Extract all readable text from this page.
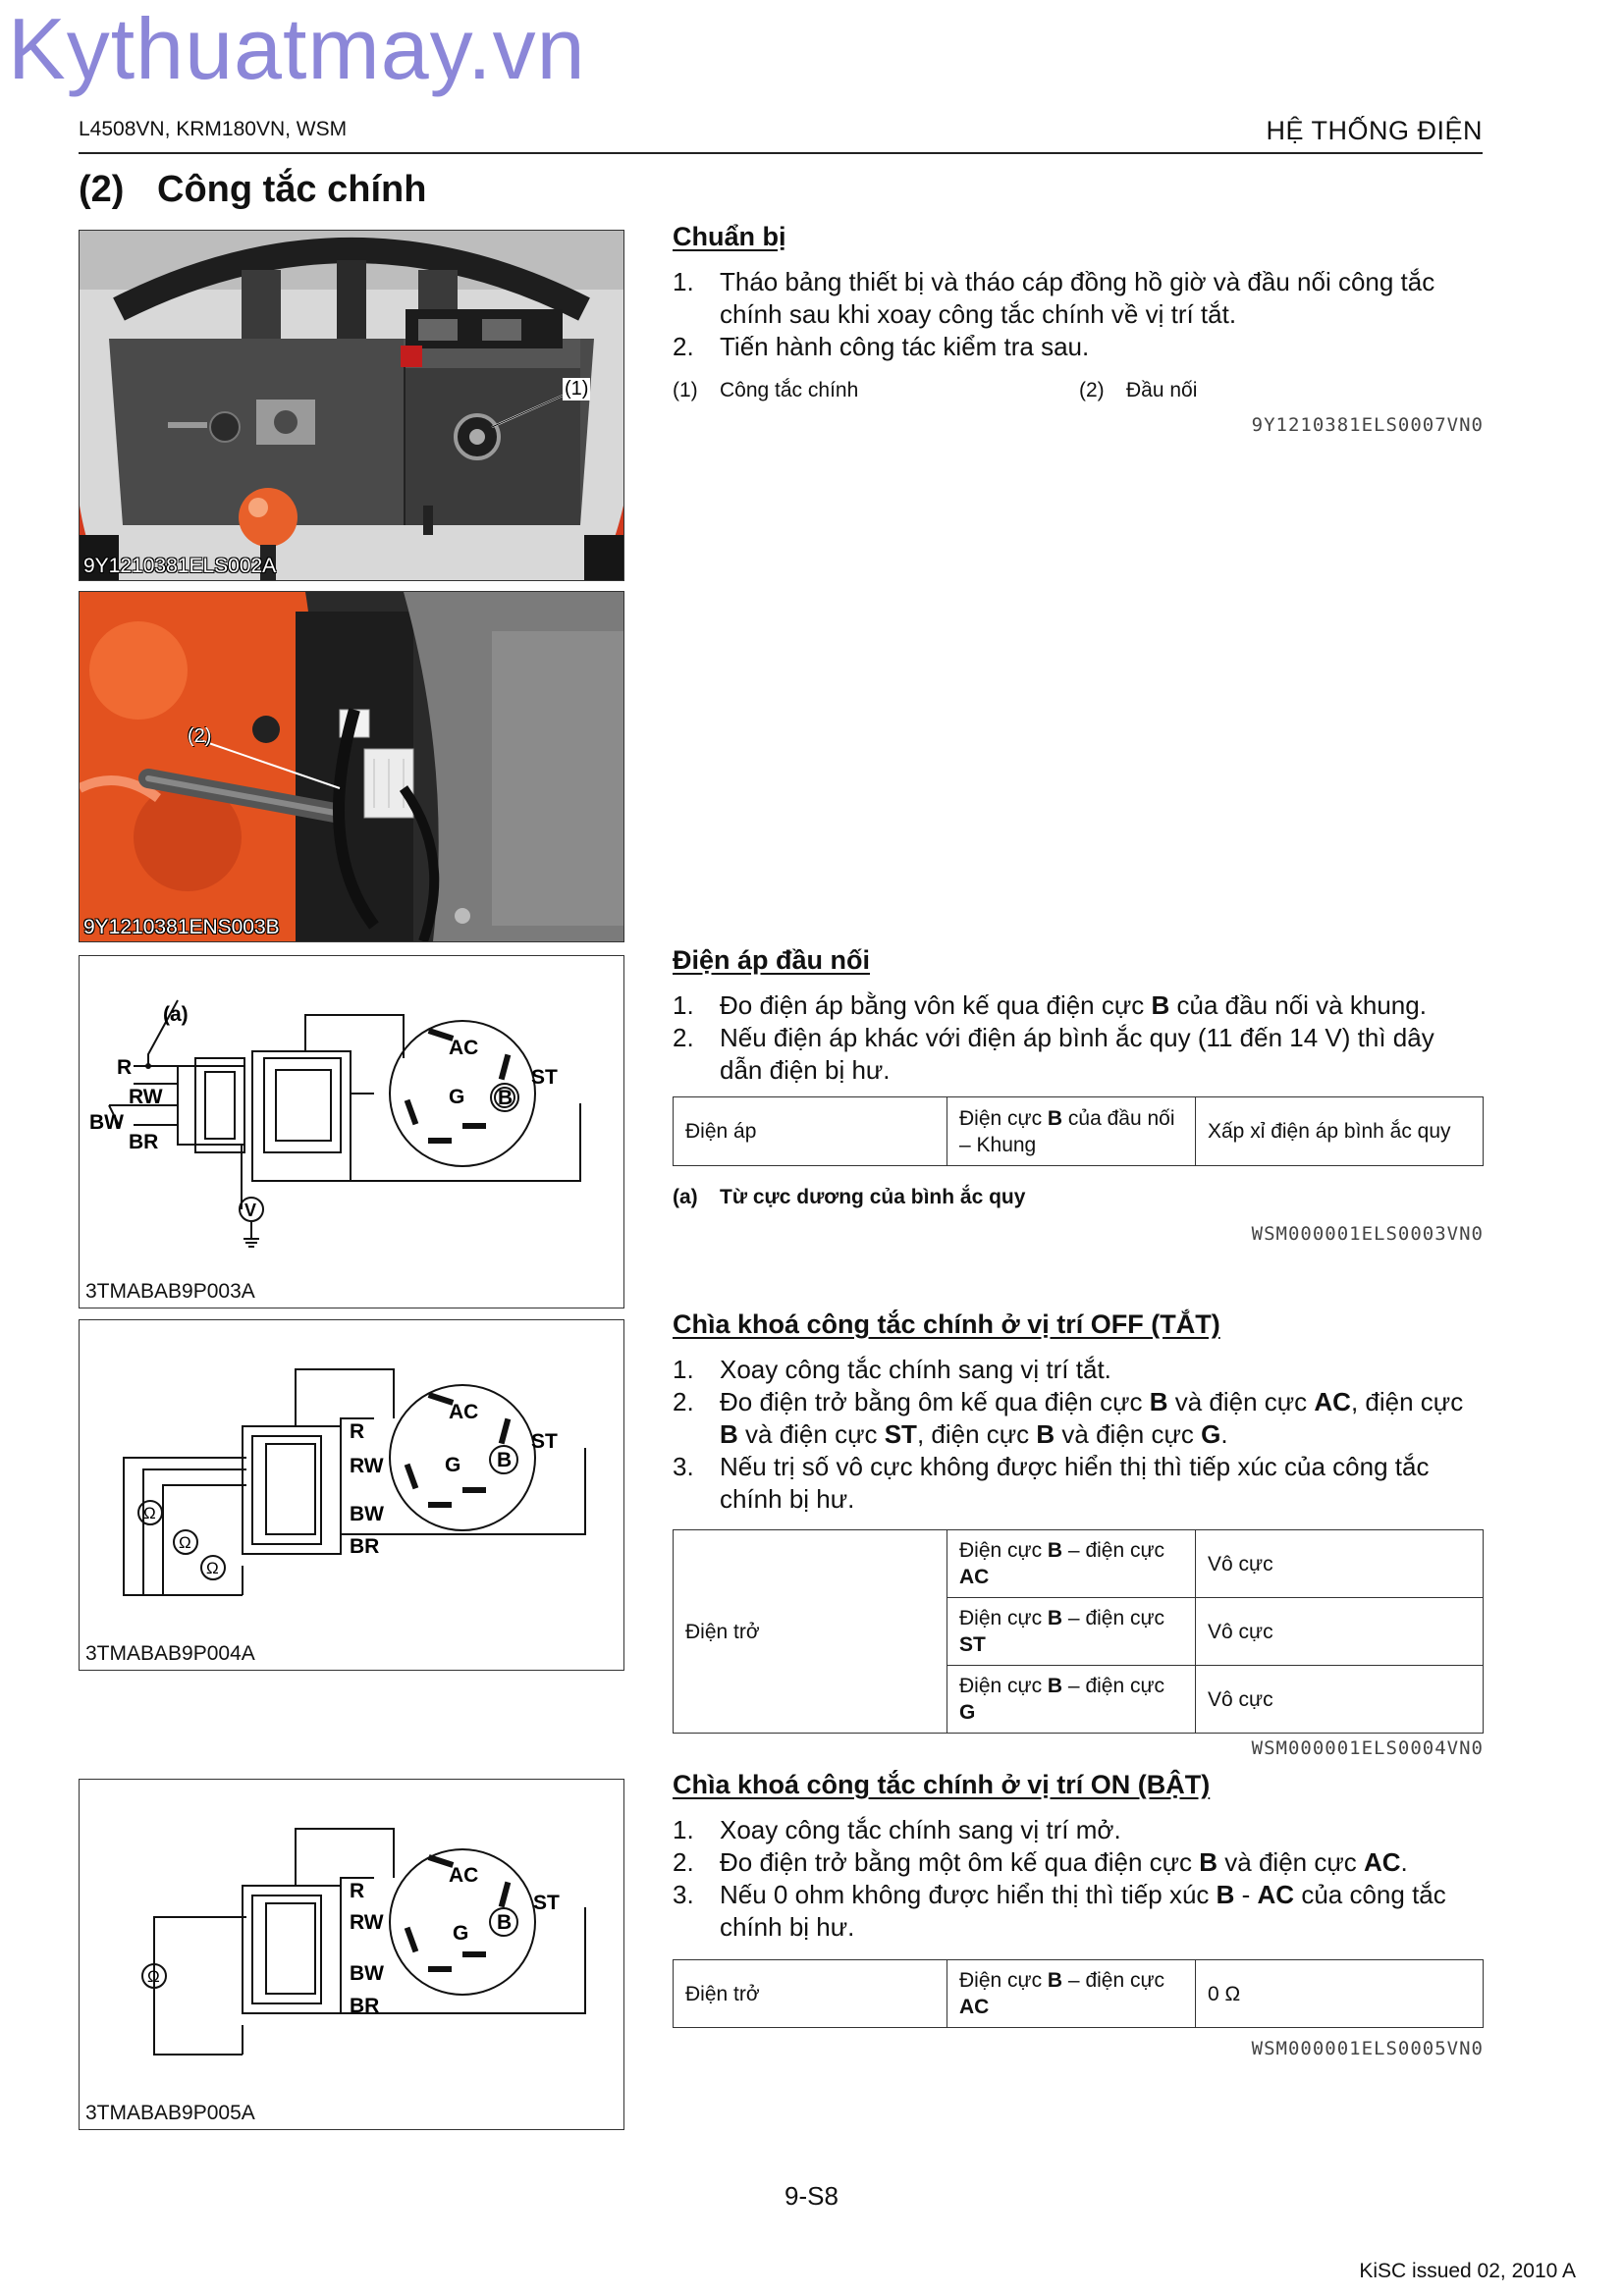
Kythuatmay.vn
L4508VN, KRM180VN, WSM	HỆ THỐNG ĐIỆN
(2) Công tắc chính
(1)
9Y1210381ELS002A
(2)
9Y1210381ENS003B
(a)
R
RW
BW
BR
AC
ST
G B
V
3TMABAB9P003A
R
RW
BW
BR
AC
ST
G B
Ω
Ω
Ω
3TMABAB9P004A
R
RW
BW
BR
AC
ST
G B
Ω
3TMABAB9P005A
Chuẩn bị
1. Tháo bảng thiết bị và tháo cáp đồng hồ giờ và đầu nối công tắc chính sau khi xoay công tắc chính về vị trí tắt.
2. Tiến hành công tác kiểm tra sau.
(1) Công tắc chính	(2) Đầu nối
9Y1210381ELS0007VN0
Điện áp đầu nối
1. Đo điện áp bằng vôn kế qua điện cực B của đầu nối và khung.
2. Nếu điện áp khác với điện áp bình ắc quy (11 đến 14 V) thì dây dẫn điện bị hư.
Điện áp	Điện cực B của đầu nối – Khung	Xấp xỉ điện áp bình ắc quy
(a) Từ cực dương của bình ắc quy
WSM000001ELS0003VN0
Chìa khoá công tắc chính ở vị trí OFF (TẮT)
1. Xoay công tắc chính sang vị trí tắt.
2. Đo điện trở bằng ôm kế qua điện cực B và điện cực AC, điện cực B và điện cực ST, điện cực B và điện cực G.
3. Nếu trị số vô cực không được hiển thị thì tiếp xúc của công tắc chính bị hư.
Điện trở	Điện cực B – điện cực AC	Vô cực
	Điện cực B – điện cực ST	Vô cực
	Điện cực B – điện cực G	Vô cực
WSM000001ELS0004VN0
Chìa khoá công tắc chính ở vị trí ON (BẬT)
1. Xoay công tắc chính sang vị trí mở.
2. Đo điện trở bằng một ôm kế qua điện cực B và điện cực AC.
3. Nếu 0 ohm không được hiển thị thì tiếp xúc B - AC của công tắc chính bị hư.
Điện trở	Điện cực B – điện cực AC	0 Ω
WSM000001ELS0005VN0
9-S8
KiSC issued 02, 2010 A
